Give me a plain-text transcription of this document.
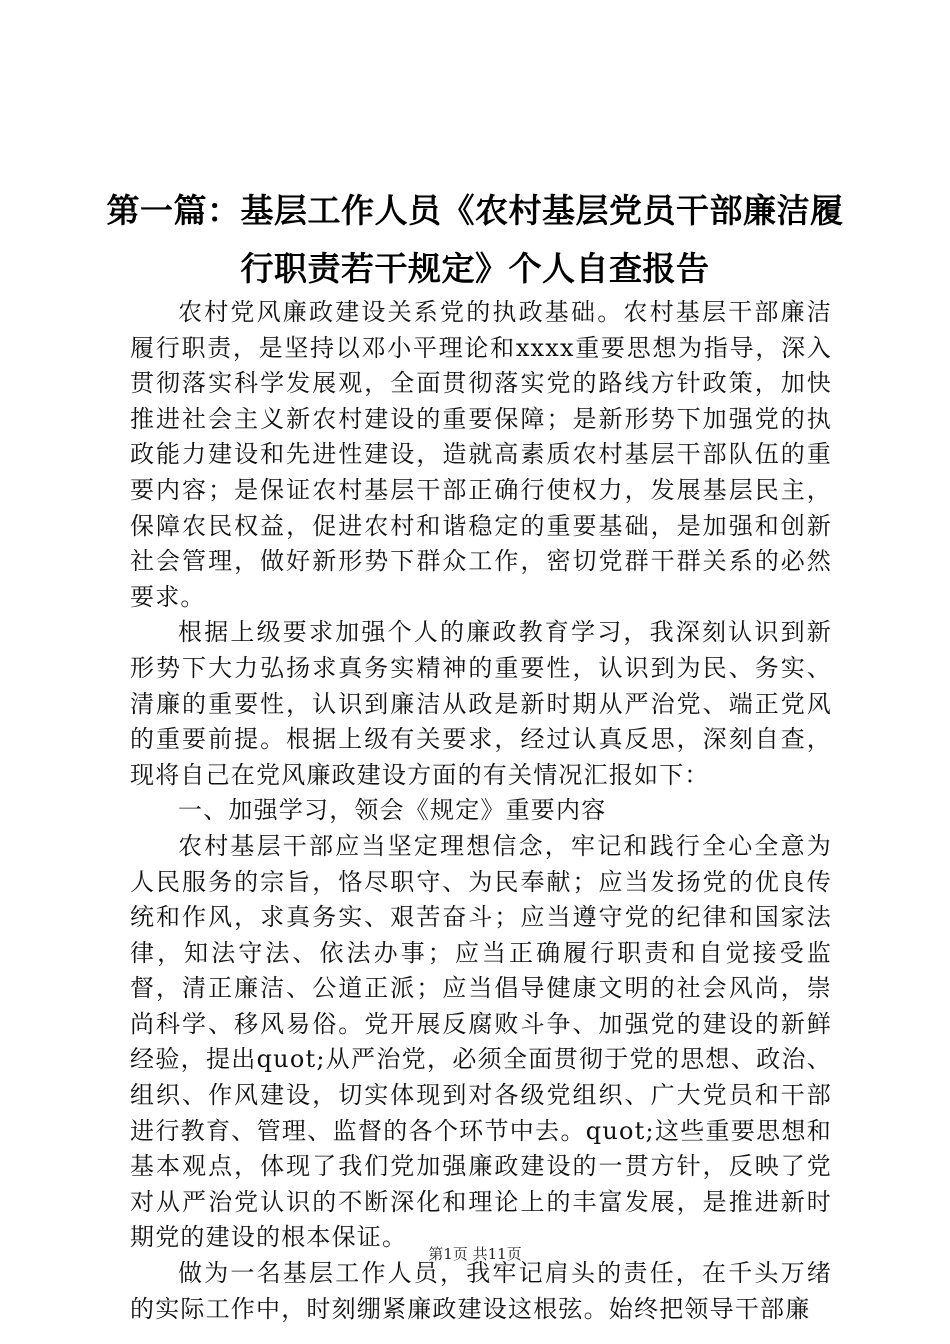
第一篇：基层工作人员《农村基层党员干部廉洁履行职责若干规定》个人自查报告

农村党风廉政建设关系党的执政基础。农村基层干部廉洁履行职责，是坚持以邓小平理论和xxxx重要思想为指导，深入贯彻落实科学发展观，全面贯彻落实党的路线方针政策，加快推进社会主义新农村建设的重要保障；是新形势下加强党的执政能力建设和先进性建设，造就高素质农村基层干部队伍的重要内容；是保证农村基层干部正确行使权力，发展基层民主，保障农民权益，促进农村和谐稳定的重要基础，是加强和创新社会管理，做好新形势下群众工作，密切党群干群关系的必然要求。

根据上级要求加强个人的廉政教育学习，我深刻认识到新形势下大力弘扬求真务实精神的重要性，认识到为民、务实、清廉的重要性，认识到廉洁从政是新时期从严治党、端正党风的重要前提。根据上级有关要求，经过认真反思，深刻自查，现将自己在党风廉政建设方面的有关情况汇报如下：

一、加强学习，领会《规定》重要内容

农村基层干部应当坚定理想信念，牢记和践行全心全意为人民服务的宗旨，恪尽职守、为民奉献；应当发扬党的优良传统和作风，求真务实、艰苦奋斗；应当遵守党的纪律和国家法律，知法守法、依法办事；应当正确履行职责和自觉接受监督，清正廉洁、公道正派；应当倡导健康文明的社会风尚，崇尚科学、移风易俗。党开展反腐败斗争、加强党的建设的新鲜经验，提出quot;从严治党，必须全面贯彻于党的思想、政治、组织、作风建设，切实体现到对各级党组织、广大党员和干部进行教育、管理、监督的各个环节中去。quot;这些重要思想和基本观点，体现了我们党加强廉政建设的一贯方针，反映了党对从严治党认识的不断深化和理论上的丰富发展，是推进新时期党的建设的根本保证。

做为一名基层工作人员，我牢记肩头的责任，在千头万绪的实际工作中，时刻绷紧廉政建设这根弦。始终把领导干部廉

第1页 共11页
